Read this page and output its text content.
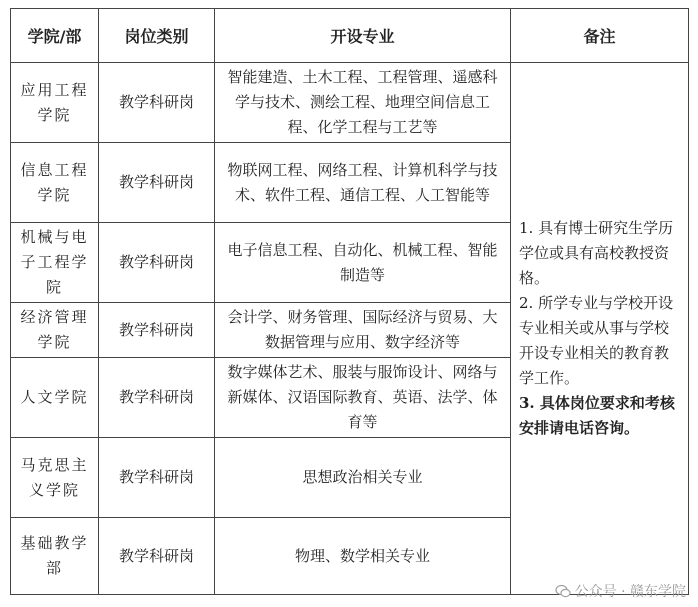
学院/部	岗位类别	开设专业	备注
应用工程学院	教学科研岗	智能建造、土木工程、工程管理、遥感科学与技术、测绘工程、地理空间信息工程、化学工程与工艺等	1. 具有博士研究生学历学位或具有高校教授资格。
2. 所学专业与学校开设专业相关或从事与学校开设专业相关的教育教学工作。
3. 具体岗位要求和考核安排请电话咨询。

信息工程学院	教学科研岗	物联网工程、网络工程、计算机科学与技术、软件工程、通信工程、人工智能等	
机械与电子工程学院	教学科研岗	电子信息工程、自动化、机械工程、智能制造等	
经济管理学院	教学科研岗	会计学、财务管理、国际经济与贸易、大数据管理与应用、数字经济等	
人文学院	教学科研岗	数字媒体艺术、服装与服饰设计、网络与新媒体、汉语国际教育、英语、法学、体育等	
马克思主义学院	教学科研岗	思想政治相关专业	
基础教学部	教学科研岗	物理、数学相关专业	
公众号 · 赣东学院
